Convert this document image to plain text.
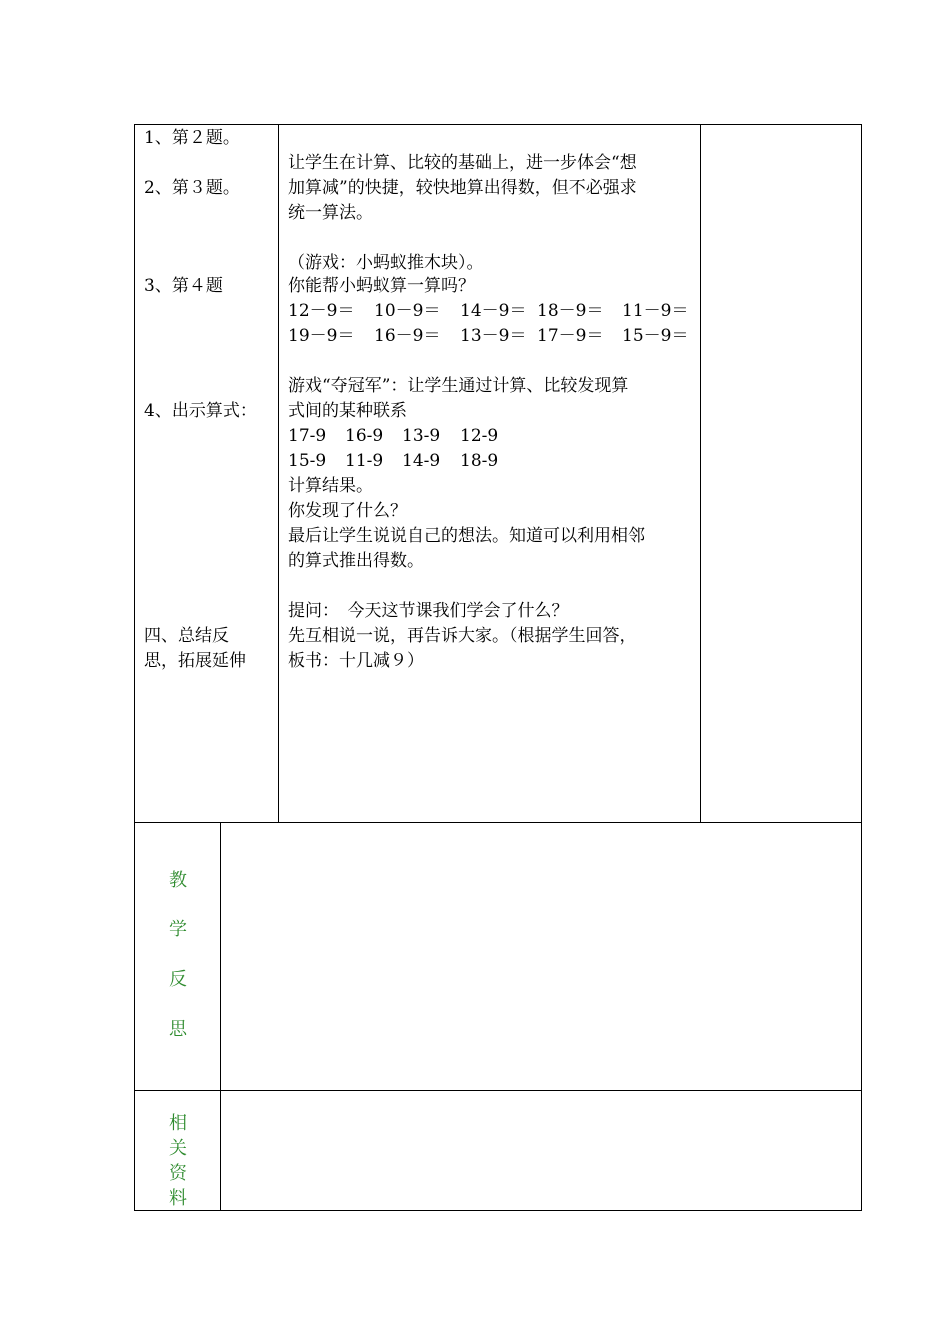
1、第２题。
2、第３题。
3、第４题
4、出示算式：
四、总结反
思，拓展延伸
让学生在计算、比较的基础上，进一步体会“想
加算减”的快捷，较快地算出得数，但不必强求
统一算法。
（游戏：小蚂蚁推木块）。
你能帮小蚂蚁算一算吗？
12－9＝ 10－9＝ 14－9＝ 18－9＝ 11－9＝
19－9＝ 16－9＝ 13－9＝ 17－9＝ 15－9＝
游戏“夺冠军”：让学生通过计算、比较发现算
式间的某种联系
17-9 16-9 13-9 12-9
15-9 11-9 14-9 18-9
计算结果。
你发现了什么？
最后让学生说说自己的想法。知道可以利用相邻
的算式推出得数。
提问：　今天这节课我们学会了什么？
先互相说一说，再告诉大家。（根据学生回答，
板书：十几减９）
教
学
反
思
相
关
资
料
